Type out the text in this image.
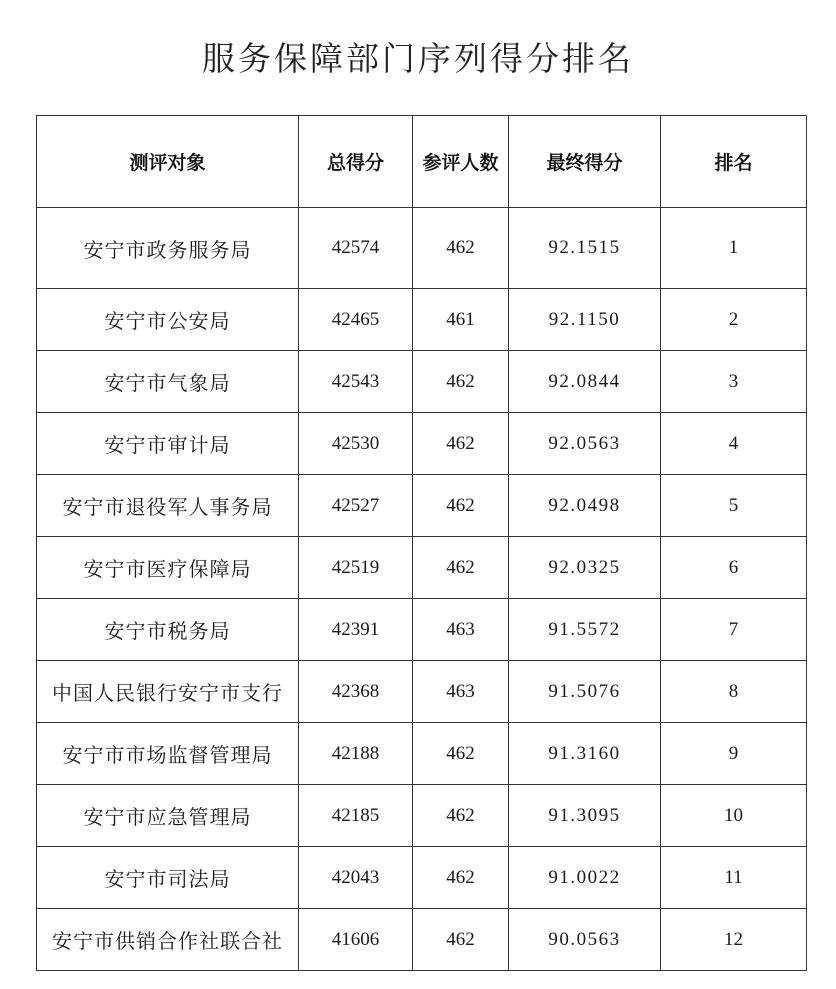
服务保障部门序列得分排名
测评对象	总得分	参评人数	最终得分	排名
安宁市政务服务局	42574	462	92.1515	1
安宁市公安局	42465	461	92.1150	2
安宁市气象局	42543	462	92.0844	3
安宁市审计局	42530	462	92.0563	4
安宁市退役军人事务局	42527	462	92.0498	5
安宁市医疗保障局	42519	462	92.0325	6
安宁市税务局	42391	463	91.5572	7
中国人民银行安宁市支行	42368	463	91.5076	8
安宁市市场监督管理局	42188	462	91.3160	9
安宁市应急管理局	42185	462	91.3095	10
安宁市司法局	42043	462	91.0022	11
安宁市供销合作社联合社	41606	462	90.0563	12
